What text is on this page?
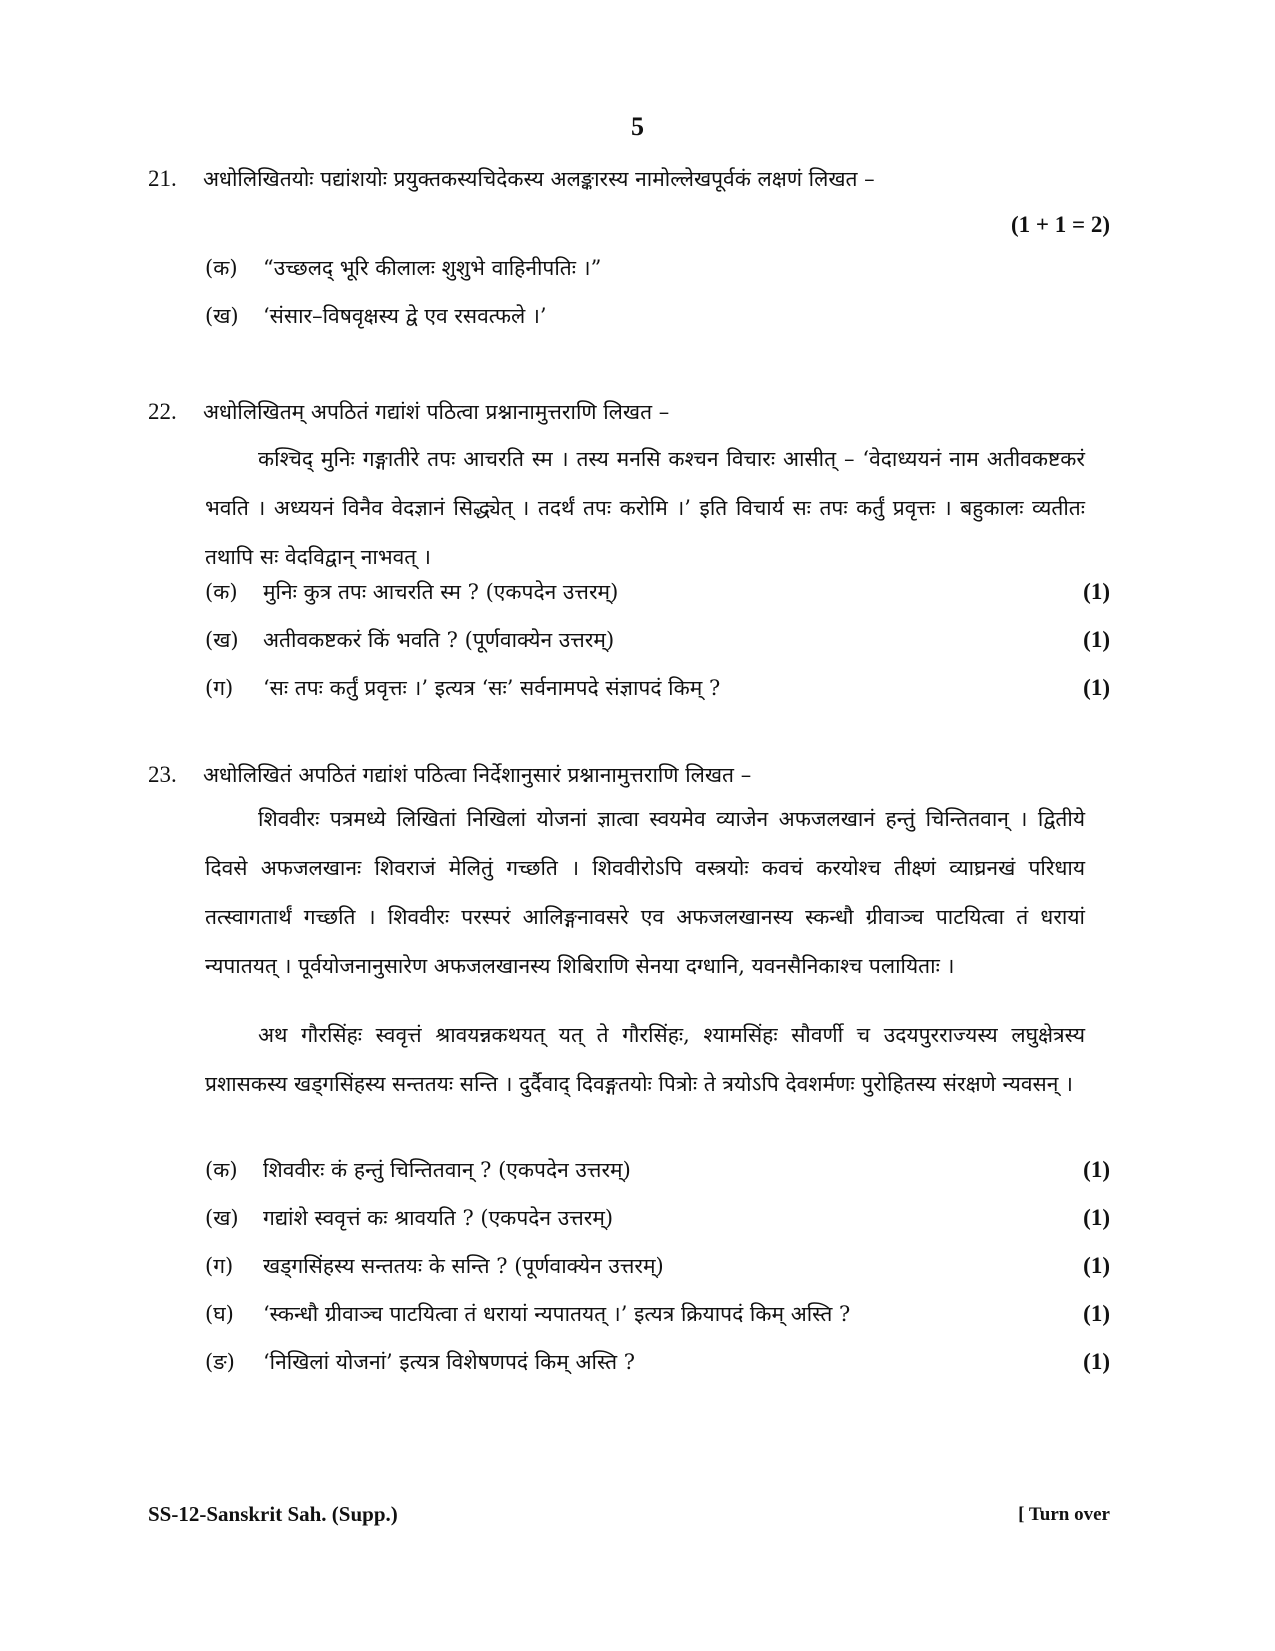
5
21. अधोलिखितयोः पद्यांशयोः प्रयुक्तकस्यचिदेकस्य अलङ्कारस्य नामोल्लेखपूर्वकं लक्षणं लिखत –
(1 + 1 = 2)
(क) “उच्छलद् भूरि कीलालः शुशुभे वाहिनीपतिः ।”
(ख) ‘संसार–विषवृक्षस्य द्वे एव रसवत्फले ।’
22. अधोलिखितम् अपठितं गद्यांशं पठित्वा प्रश्नानामुत्तराणि लिखत –
कश्चिद् मुनिः गङ्गातीरे तपः आचरति स्म । तस्य मनसि कश्चन विचारः आसीत् – ‘वेदाध्ययनं नाम अतीवकष्टकरं भवति । अध्ययनं विनैव वेदज्ञानं सिद्ध्येत् । तदर्थं तपः करोमि ।’ इति विचार्य सः तपः कर्तुं प्रवृत्तः । बहुकालः व्यतीतः तथापि सः वेदविद्वान् नाभवत् ।
(क) मुनिः कुत्र तपः आचरति स्म ? (एकपदेन उत्तरम्)	(1)
(ख) अतीवकष्टकरं किं भवति ? (पूर्णवाक्येन उत्तरम्)	(1)
(ग) ‘सः तपः कर्तुं प्रवृत्तः ।’ इत्यत्र ‘सः’ सर्वनामपदे संज्ञापदं किम् ?	(1)
23. अधोलिखितं अपठितं गद्यांशं पठित्वा निर्देशानुसारं प्रश्नानामुत्तराणि लिखत –
शिववीरः पत्रमध्ये लिखितां निखिलां योजनां ज्ञात्वा स्वयमेव व्याजेन अफजलखानं हन्तुं चिन्तितवान् । द्वितीये दिवसे अफजलखानः शिवराजं मेलितुं गच्छति । शिववीरोऽपि वस्त्रयोः कवचं करयोश्च तीक्ष्णं व्याघ्रनखं परिधाय तत्स्वागतार्थं गच्छति । शिववीरः परस्परं आलिङ्गनावसरे एव अफजलखानस्य स्कन्धौ ग्रीवाञ्च पाटयित्वा तं धरायां न्यपातयत् । पूर्वयोजनानुसारेण अफजलखानस्य शिबिराणि सेनया दग्धानि, यवनसैनिकाश्च पलायिताः ।
अथ गौरसिंहः स्ववृत्तं श्रावयन्नकथयत् यत् ते गौरसिंहः, श्यामसिंहः सौवर्णी च उदयपुरराज्यस्य लघुक्षेत्रस्य प्रशासकस्य खड्गसिंहस्य सन्ततयः सन्ति । दुर्दैवाद् दिवङ्गतयोः पित्रोः ते त्रयोऽपि देवशर्मणः पुरोहितस्य संरक्षणे न्यवसन् ।
(क) शिववीरः कं हन्तुं चिन्तितवान् ? (एकपदेन उत्तरम्)	(1)
(ख) गद्यांशे स्ववृत्तं कः श्रावयति ? (एकपदेन उत्तरम्)	(1)
(ग) खड्गसिंहस्य सन्ततयः के सन्ति ? (पूर्णवाक्येन उत्तरम्)	(1)
(घ) ‘स्कन्धौ ग्रीवाञ्च पाटयित्वा तं धरायां न्यपातयत् ।’ इत्यत्र क्रियापदं किम् अस्ति ?	(1)
(ङ) ‘निखिलां योजनां’ इत्यत्र विशेषणपदं किम् अस्ति ?	(1)
SS-12-Sanskrit Sah. (Supp.)	[ Turn over
